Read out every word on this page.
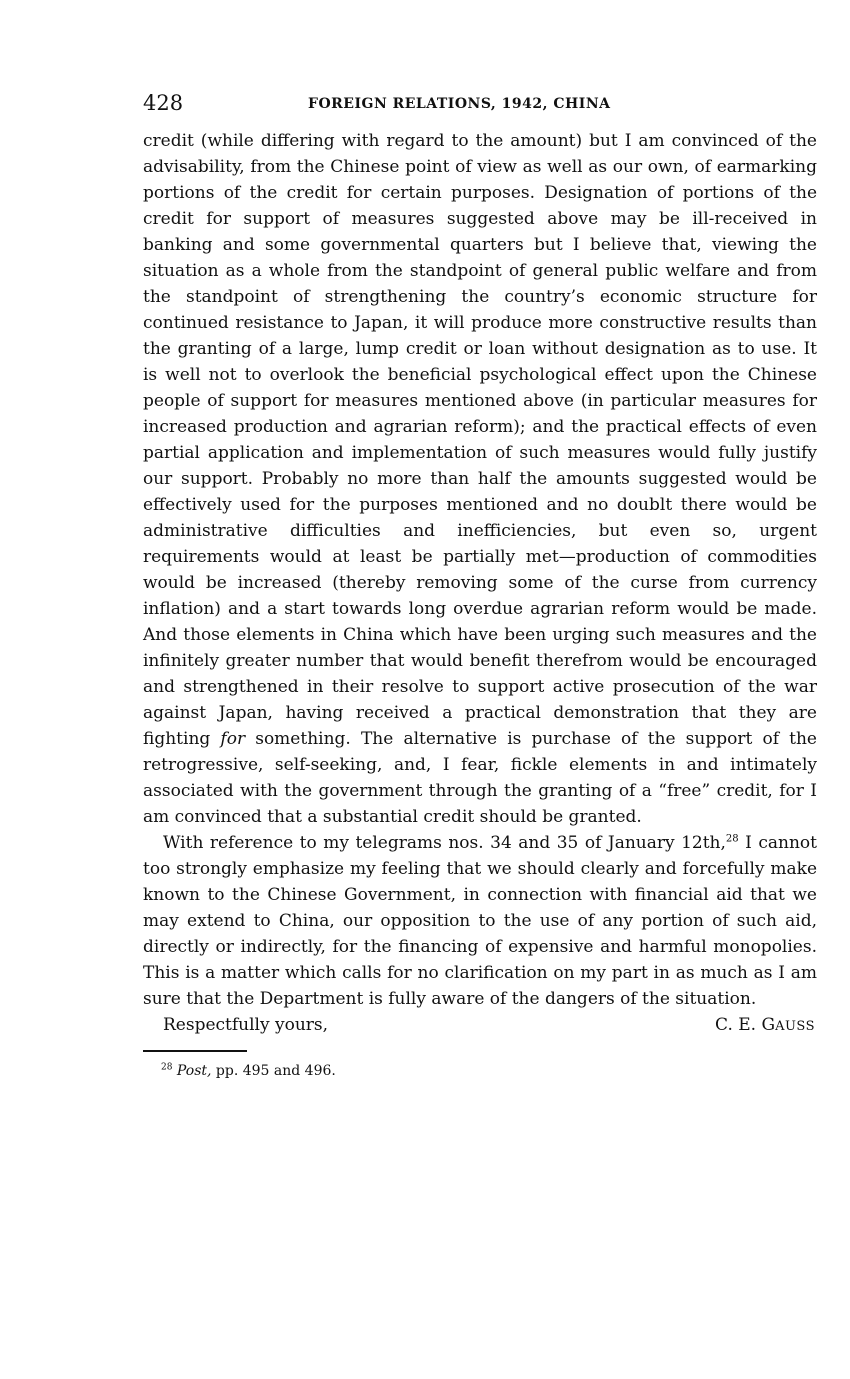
428	FOREIGN RELATIONS, 1942, CHINA

credit (while differing with regard to the amount) but I am convinced of the advisability, from the Chinese point of view as well as our own, of earmarking portions of the credit for certain purposes. Designation of portions of the credit for support of measures suggested above may be ill-received in banking and some governmental quarters but I believe that, viewing the situation as a whole from the standpoint of general public welfare and from the standpoint of strengthening the country’s economic structure for continued resistance to Japan, it will produce more constructive results than the granting of a large, lump credit or loan without designation as to use. It is well not to overlook the beneficial psychological effect upon the Chinese people of support for measures mentioned above (in particular measures for increased production and agrarian reform); and the practical effects of even partial application and implementation of such measures would fully justify our support. Probably no more than half the amounts suggested would be effectively used for the purposes mentioned and no doublt there would be administrative difficulties and inefficiencies, but even so, urgent requirements would at least be partially met—production of commodities would be increased (thereby removing some of the curse from currency inflation) and a start towards long overdue agrarian reform would be made. And those elements in China which have been urging such measures and the infinitely greater number that would benefit therefrom would be encouraged and strengthened in their resolve to support active prosecution of the war against Japan, having received a practical demonstration that they are fighting for something. The alternative is purchase of the support of the retrogressive, self-seeking, and, I fear, fickle elements in and intimately associated with the government through the granting of a “free” credit, for I am convinced that a substantial credit should be granted.

With reference to my telegrams nos. 34 and 35 of January 12th,$^{28}$ I cannot too strongly emphasize my feeling that we should clearly and forcefully make known to the Chinese Government, in connection with financial aid that we may extend to China, our opposition to the use of any portion of such aid, directly or indirectly, for the financing of expensive and harmful monopolies. This is a matter which calls for no clarification on my part in as much as I am sure that the Department is fully aware of the dangers of the situation.

Respectfully yours,	C. E. GAUSS
$^{28}$ Post, pp. 495 and 496.
